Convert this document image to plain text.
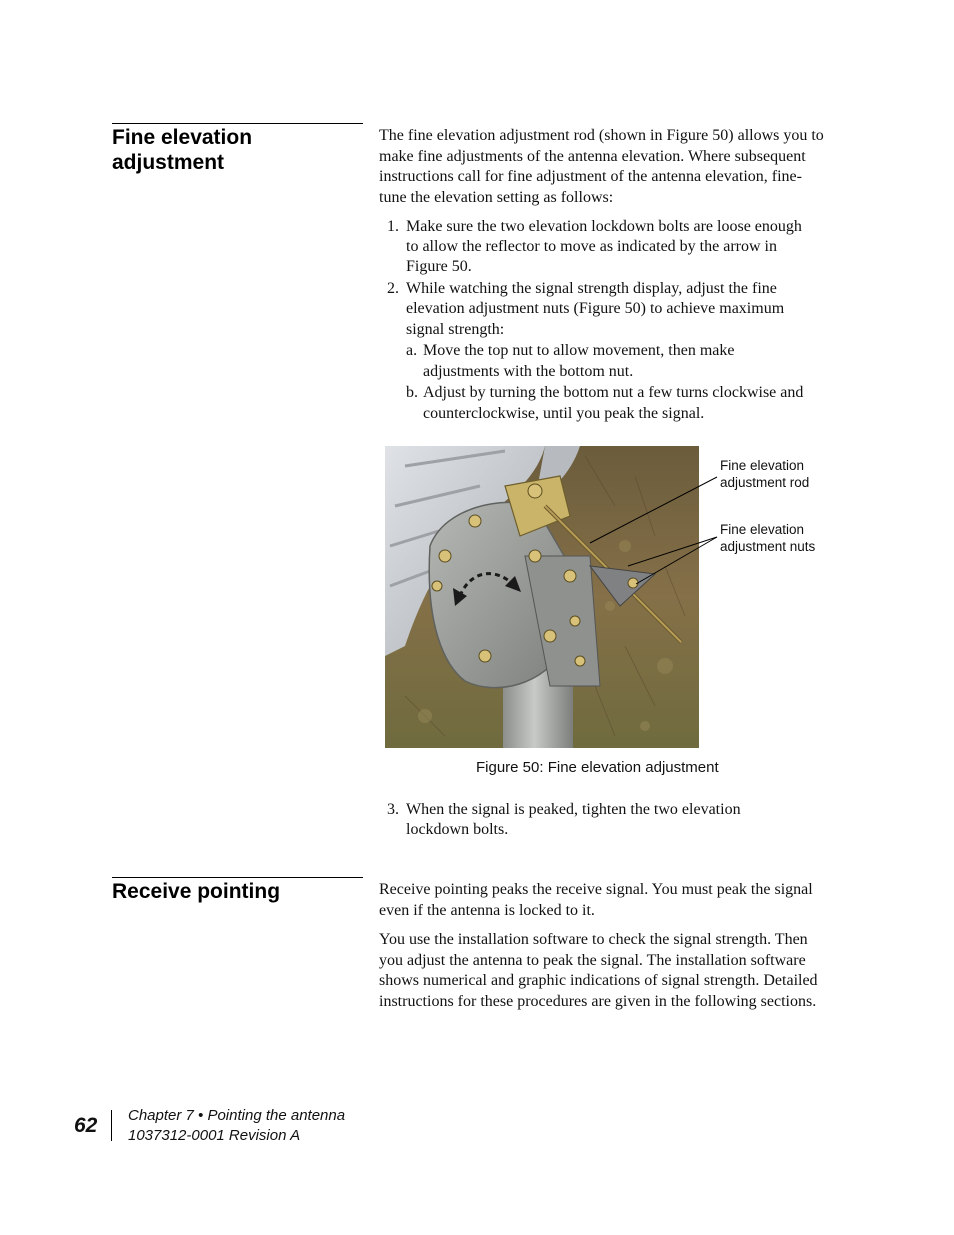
Fine elevation
adjustment

The fine elevation adjustment rod (shown in Figure 50) allows you to make fine adjustments of the antenna elevation. Where subsequent instructions call for fine adjustment of the antenna elevation, fine-tune the elevation setting as follows:

1. Make sure the two elevation lockdown bolts are loose enough
to allow the reflector to move as indicated by the arrow in
Figure 50.
2. While watching the signal strength display, adjust the fine
elevation adjustment nuts (Figure 50) to achieve maximum
signal strength:
a. Move the top nut to allow movement, then make
adjustments with the bottom nut.
b. Adjust by turning the bottom nut a few turns clockwise and
counterclockwise, until you peak the signal.
Fine elevation
adjustment rod
Fine elevation
adjustment nuts
Figure 50: Fine elevation adjustment
3. When the signal is peaked, tighten the two elevation
lockdown bolts.
Receive pointing	Receive pointing peaks the receive signal. You must peak the signal even if the antenna is locked to it.

You use the installation software to check the signal strength. Then you adjust the antenna to peak the signal. The installation software shows numerical and graphic indications of signal strength. Detailed instructions for these procedures are given in the following sections.

62 Chapter 7 • Pointing the antenna
1037312-0001 Revision A
